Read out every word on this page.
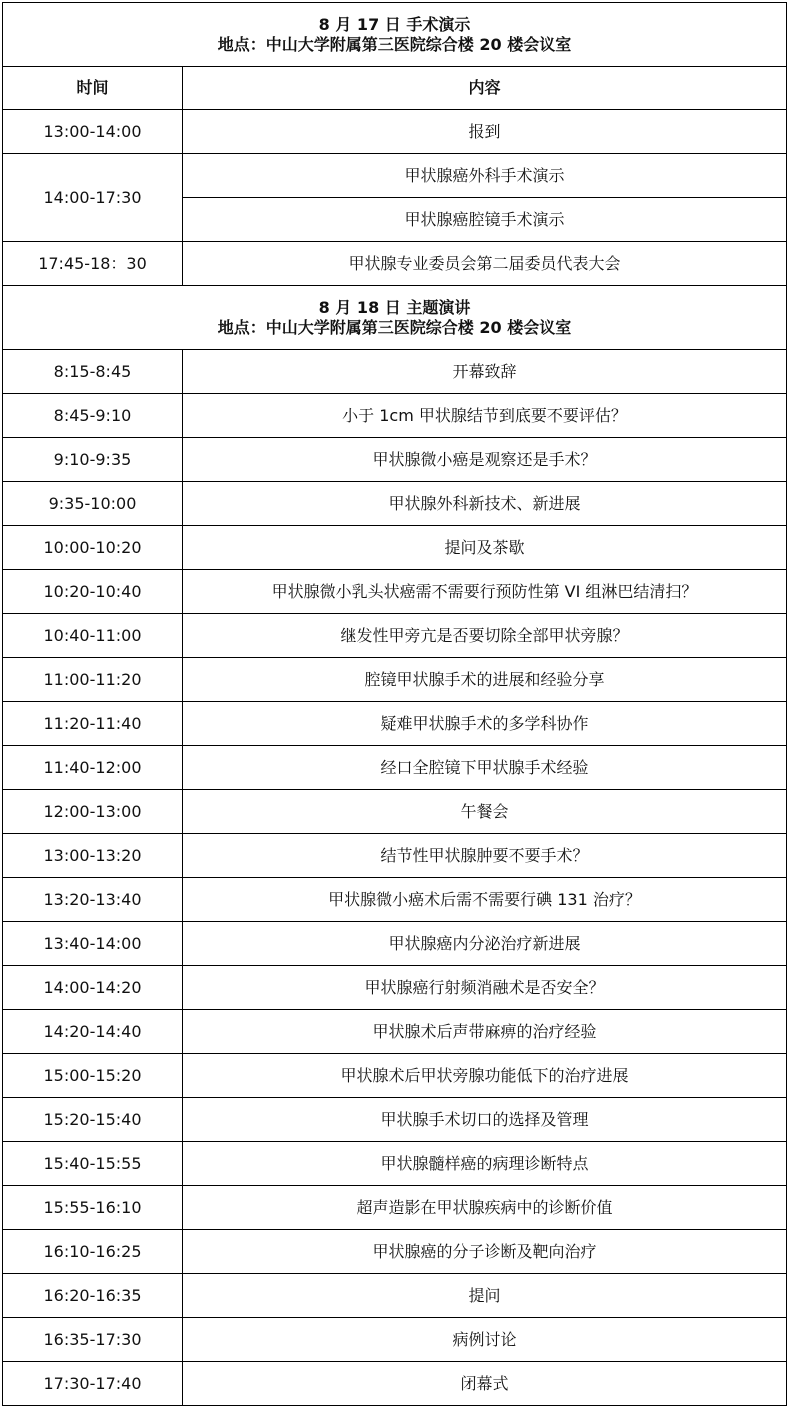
8 月 17 日 手术演示
地点：中山大学附属第三医院综合楼 20 楼会议室	

时间	内容
13:00-14:00	报到
14:00-17:30	甲状腺癌外科手术演示
	甲状腺癌腔镜手术演示
17:45-18：30	甲状腺专业委员会第二届委员代表大会

8 月 18 日 主题演讲
地点：中山大学附属第三医院综合楼 20 楼会议室	

8:15-8:45	开幕致辞
8:45-9:10	小于 1cm 甲状腺结节到底要不要评估？
9:10-9:35	甲状腺微小癌是观察还是手术？
9:35-10:00	甲状腺外科新技术、新进展
10:00-10:20	提问及茶歇
10:20-10:40	甲状腺微小乳头状癌需不需要行预防性第 VI 组淋巴结清扫？
10:40-11:00	继发性甲旁亢是否要切除全部甲状旁腺？
11:00-11:20	腔镜甲状腺手术的进展和经验分享
11:20-11:40	疑难甲状腺手术的多学科协作
11:40-12:00	经口全腔镜下甲状腺手术经验
12:00-13:00	午餐会
13:00-13:20	结节性甲状腺肿要不要手术？
13:20-13:40	甲状腺微小癌术后需不需要行碘 131 治疗？
13:40-14:00	甲状腺癌内分泌治疗新进展
14:00-14:20	甲状腺癌行射频消融术是否安全？
14:20-14:40	甲状腺术后声带麻痹的治疗经验
15:00-15:20	甲状腺术后甲状旁腺功能低下的治疗进展
15:20-15:40	甲状腺手术切口的选择及管理
15:40-15:55	甲状腺髓样癌的病理诊断特点
15:55-16:10	超声造影在甲状腺疾病中的诊断价值
16:10-16:25	甲状腺癌的分子诊断及靶向治疗
16:20-16:35	提问
16:35-17:30	病例讨论
17:30-17:40	闭幕式
